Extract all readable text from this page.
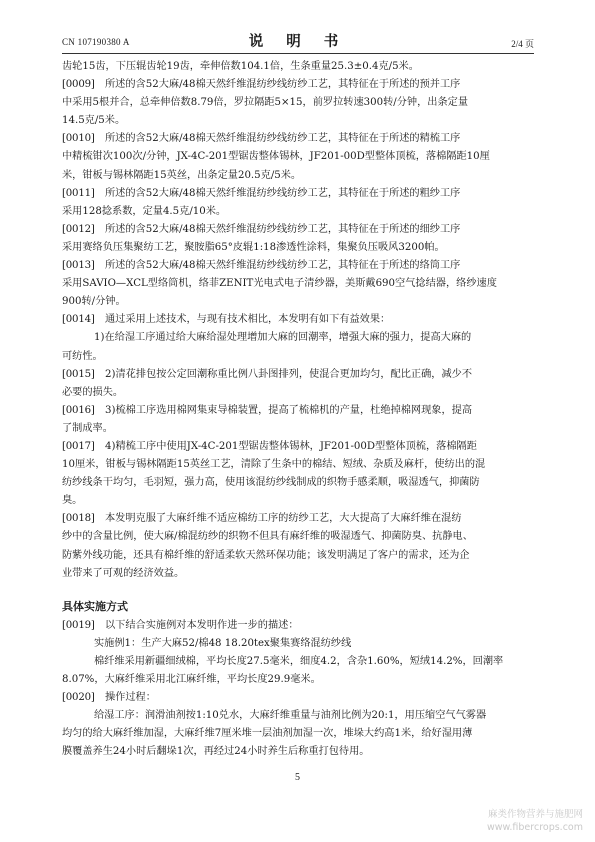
CN 107190380 A	说 明 书	2/4 页
齿轮15齿，下压辊齿轮19齿，牵伸倍数104.1倍，生条重量25.3±0.4克/5米。
[0009] 所述的含52大麻/48棉天然纤维混纺纱线纺纱工艺，其特征在于所述的预并工序
中采用5根并合，总牵伸倍数8.79倍，罗拉隔距5×15，前罗拉转速300转/分钟，出条定量
14.5克/5米。
[0010] 所述的含52大麻/48棉天然纤维混纺纱线纺纱工艺，其特征在于所述的精梳工序
中精梳钳次100次/分钟，JX-4C-201型锯齿整体锡林，JF201-00D型整体顶梳，落棉隔距10厘
米，钳板与锡林隔距15英丝，出条定量20.5克/5米。
[0011] 所述的含52大麻/48棉天然纤维混纺纱线纺纱工艺，其特征在于所述的粗纱工序
采用128捻系数，定量4.5克/10米。
[0012] 所述的含52大麻/48棉天然纤维混纺纱线纺纱工艺，其特征在于所述的细纱工序
采用赛络负压集聚纺工艺，聚胺脂65°皮辊1:18渗透性涂料，集聚负压吸风3200帕。
[0013] 所述的含52大麻/48棉天然纤维混纺纱线纺纱工艺，其特征在于所述的络筒工序
采用SAVIO—XCL型络筒机，络菲ZENIT光电式电子清纱器，美斯戴690空气捻结器，络纱速度
900转/分钟。
[0014] 通过采用上述技术，与现有技术相比，本发明有如下有益效果：
1)在给湿工序通过给大麻给湿处理增加大麻的回潮率，增强大麻的强力，提高大麻的
可纺性。
[0015] 2)清花排包按公定回潮称重比例八卦图排列，使混合更加均匀，配比正确，减少不
必要的损失。
[0016] 3)梳棉工序选用棉网集束导棉装置，提高了梳棉机的产量，杜绝掉棉网现象，提高
了制成率。
[0017] 4)精梳工序中使用JX-4C-201型锯齿整体锡林，JF201-00D型整体顶梳，落棉隔距
10厘米，钳板与锡林隔距15英丝工艺，清除了生条中的棉结、短绒、杂质及麻杆，使纺出的混
纺纱线条干均匀，毛羽短，强力高，使用该混纺纱线制成的织物手感柔顺，吸湿透气，抑菌防
臭。
[0018] 本发明克服了大麻纤维不适应棉纺工序的纺纱工艺，大大提高了大麻纤维在混纺
纱中的含量比例，使大麻/棉混纺纱的织物不但具有麻纤维的吸湿透气、抑菌防臭、抗静电、
防紫外线功能，还具有棉纤维的舒适柔软天然环保功能；该发明满足了客户的需求，还为企
业带来了可观的经济效益。
具体实施方式
[0019] 以下结合实施例对本发明作进一步的描述：
实施例1：生产大麻52/棉48 18.20tex聚集赛络混纺纱线
棉纤维采用新疆细绒棉，平均长度27.5毫米，细度4.2，含杂1.60%，短绒14.2%，回潮率
8.07%，大麻纤维采用北江麻纤维，平均长度29.9毫米。
[0020] 操作过程：
给湿工序：润滑油剂按1:10兑水，大麻纤维重量与油剂比例为20:1，用压缩空气气雾器
均匀的给大麻纤维加湿，大麻纤维7厘米堆一层油剂加湿一次，堆垛大约高1米，给好湿用薄
膜覆盖养生24小时后翻垛1次，再经过24小时养生后称重打包待用。
5
麻类作物营养与施肥网
www.fibercrops.com
